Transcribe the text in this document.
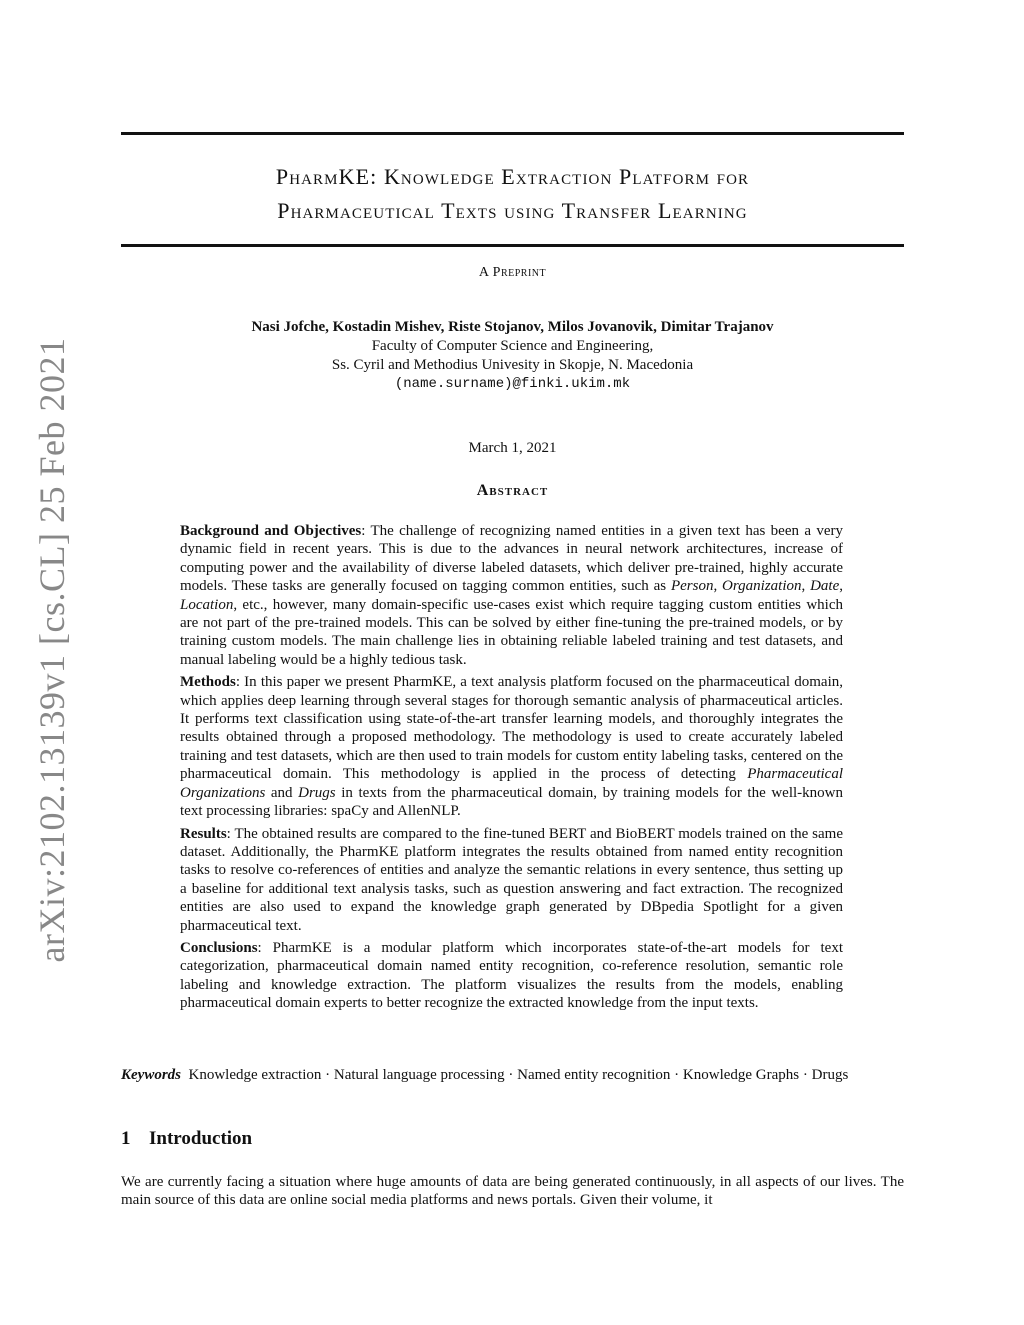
arXiv:2102.13139v1 [cs.CL] 25 Feb 2021
PharmKE: Knowledge Extraction Platform for
Pharmaceutical Texts using Transfer Learning
A Preprint
Nasi Jofche, Kostadin Mishev, Riste Stojanov, Milos Jovanovik, Dimitar Trajanov
Faculty of Computer Science and Engineering,
Ss. Cyril and Methodius Univesity in Skopje, N. Macedonia
(name.surname)@finki.ukim.mk
March 1, 2021
Abstract

Background and Objectives: The challenge of recognizing named entities in a given text has been a very dynamic field in recent years. This is due to the advances in neural network architectures, increase of computing power and the availability of diverse labeled datasets, which deliver pre-trained, highly accurate models. These tasks are generally focused on tagging common entities, such as Person, Organization, Date, Location, etc., however, many domain-specific use-cases exist which require tagging custom entities which are not part of the pre-trained models. This can be solved by either fine-tuning the pre-trained models, or by training custom models. The main challenge lies in obtaining reliable labeled training and test datasets, and manual labeling would be a highly tedious task.

Methods: In this paper we present PharmKE, a text analysis platform focused on the pharmaceutical domain, which applies deep learning through several stages for thorough semantic analysis of pharmaceutical articles. It performs text classification using state-of-the-art transfer learning models, and thoroughly integrates the results obtained through a proposed methodology. The methodology is used to create accurately labeled training and test datasets, which are then used to train models for custom entity labeling tasks, centered on the pharmaceutical domain. This methodology is applied in the process of detecting Pharmaceutical Organizations and Drugs in texts from the pharmaceutical domain, by training models for the well-known text processing libraries: spaCy and AllenNLP.

Results: The obtained results are compared to the fine-tuned BERT and BioBERT models trained on the same dataset. Additionally, the PharmKE platform integrates the results obtained from named entity recognition tasks to resolve co-references of entities and analyze the semantic relations in every sentence, thus setting up a baseline for additional text analysis tasks, such as question answering and fact extraction. The recognized entities are also used to expand the knowledge graph generated by DBpedia Spotlight for a given pharmaceutical text.

Conclusions: PharmKE is a modular platform which incorporates state-of-the-art models for text categorization, pharmaceutical domain named entity recognition, co-reference resolution, semantic role labeling and knowledge extraction. The platform visualizes the results from the models, enabling pharmaceutical domain experts to better recognize the extracted knowledge from the input texts.

Keywords Knowledge extraction · Natural language processing · Named entity recognition · Knowledge Graphs · Drugs
1 Introduction

We are currently facing a situation where huge amounts of data are being generated continuously, in all aspects of our lives. The main source of this data are online social media platforms and news portals. Given their volume, it
